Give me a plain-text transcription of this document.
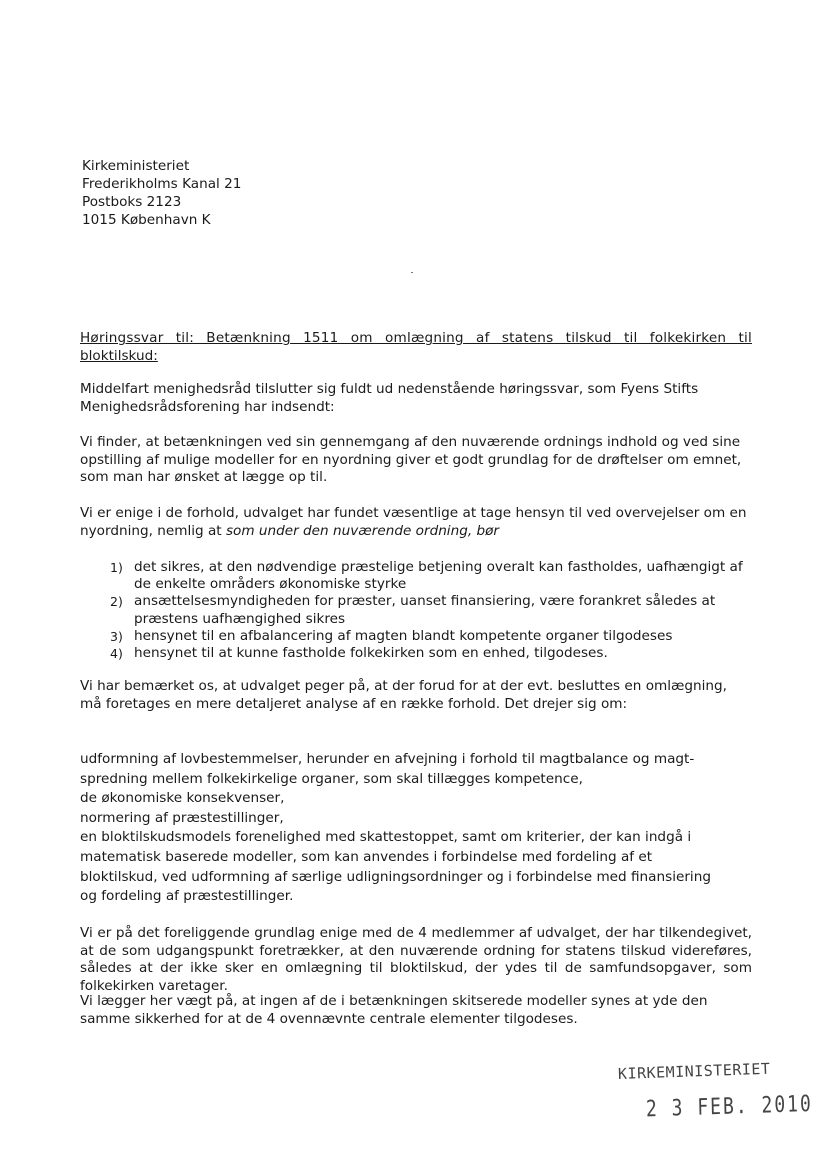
Kirkeministeriet
Frederikholms Kanal 21
Postboks 2123
1015 København K
Høringssvar til: Betænkning 1511 om omlægning af statens tilskud til folkekirken til
bloktilskud:
Middelfart menighedsråd tilslutter sig fuldt ud nedenstående høringssvar, som Fyens Stifts Menighedsrådsforening har indsendt:
Vi finder, at betænkningen ved sin gennemgang af den nuværende ordnings indhold og ved sine opstilling af mulige modeller for en nyordning giver et godt grundlag for de drøftelser om emnet, som man har ønsket at lægge op til.
Vi er enige i de forhold, udvalget har fundet væsentlige at tage hensyn til ved overvejelser om en nyordning, nemlig at som under den nuværende ordning, bør
1) det sikres, at den nødvendige præstelige betjening overalt kan fastholdes, uafhængigt af de enkelte områders økonomiske styrke
2) ansættelsesmyndigheden for præster, uanset finansiering, være forankret således at præstens uafhængighed sikres
3) hensynet til en afbalancering af magten blandt kompetente organer tilgodeses
4) hensynet til at kunne fastholde folkekirken som en enhed, tilgodeses.
Vi har bemærket os, at udvalget peger på, at der forud for at der evt. besluttes en omlægning, må foretages en mere detaljeret analyse af en række forhold. Det drejer sig om:
udformning af lovbestemmelser, herunder en afvejning i forhold til magtbalance og magt-
spredning mellem folkekirkelige organer, som skal tillægges kompetence,
de økonomiske konsekvenser,
normering af præstestillinger,
en bloktilskudsmodels forenelighed med skattestoppet, samt om kriterier, der kan indgå i
matematisk baserede modeller, som kan anvendes i forbindelse med fordeling af et
bloktilskud, ved udformning af særlige udligningsordninger og i forbindelse med finansiering
og fordeling af præstestillinger.
Vi er på det foreliggende grundlag enige med de 4 medlemmer af udvalget, der har tilkendegivet, at de som udgangspunkt foretrækker, at den nuværende ordning for statens tilskud videreføres, således at der ikke sker en omlægning til bloktilskud, der ydes til de samfundsopgaver, som folkekirken varetager.
Vi lægger her vægt på, at ingen af de i betænkningen skitserede modeller synes at yde den samme sikkerhed for at de 4 ovennævnte centrale elementer tilgodeses.
KIRKEMINISTERIET
2 3 FEB. 2010
